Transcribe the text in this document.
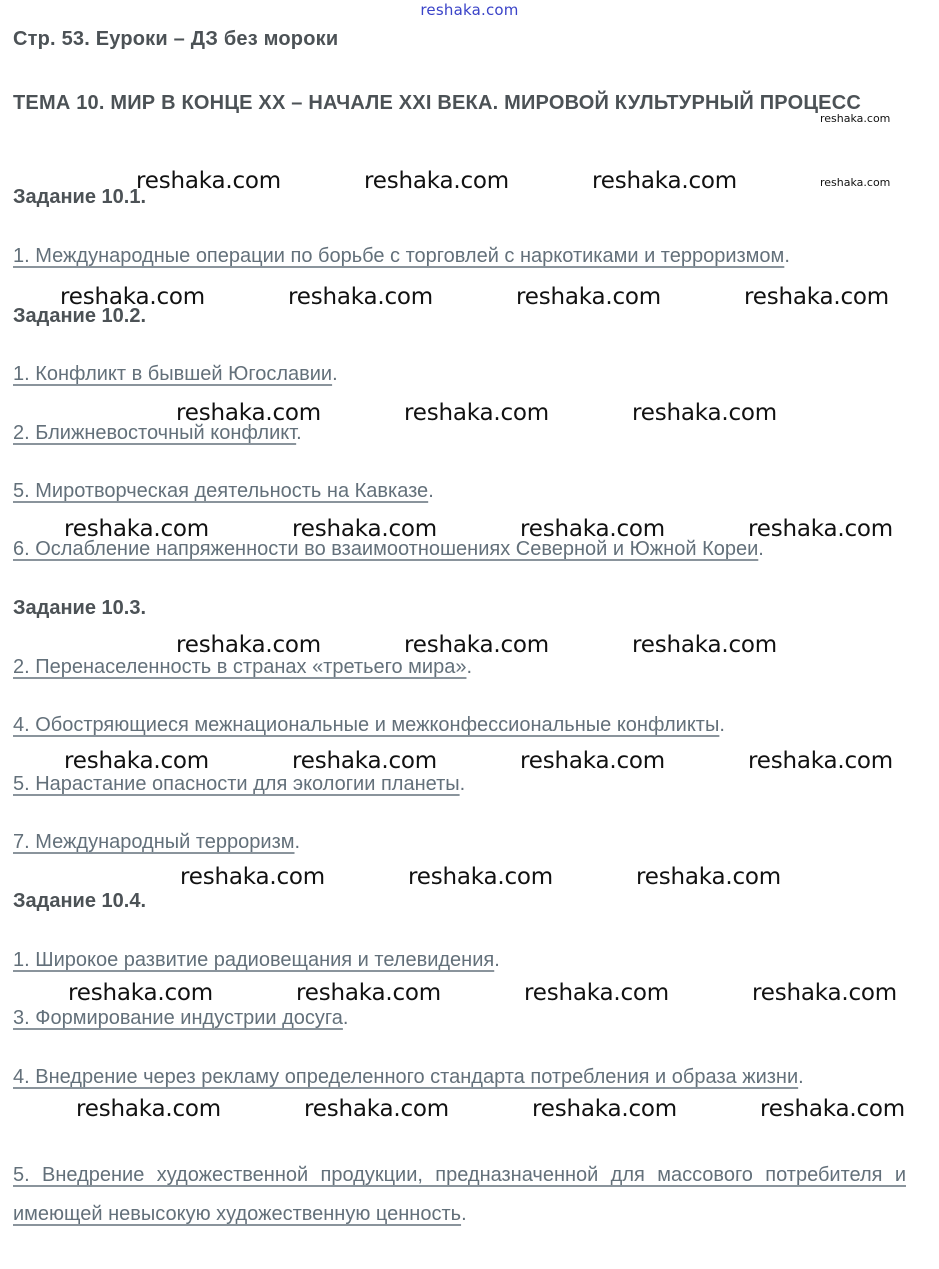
reshaka.com
Стр. 53. Еуроки – ДЗ без мороки
ТЕМА 10. МИР В КОНЦЕ XX – НАЧАЛЕ XXI ВЕКА. МИРОВОЙ КУЛЬТУРНЫЙ ПРОЦЕСС
Задание 10.1.
1. Международные операции по борьбе с торговлей с наркотиками и терроризмом.
Задание 10.2.
1. Конфликт в бывшей Югославии.
2. Ближневосточный конфликт.
5. Миротворческая деятельность на Кавказе.
6. Ослабление напряженности во взаимоотношениях Северной и Южной Кореи.
Задание 10.3.
2. Перенаселенность в странах «третьего мира».
4. Обостряющиеся межнациональные и межконфессиональные конфликты.
5. Нарастание опасности для экологии планеты.
7. Международный терроризм.
Задание 10.4.
1. Широкое развитие радиовещания и телевидения.
3. Формирование индустрии досуга.
4. Внедрение через рекламу определенного стандарта потребления и образа жизни.
5. Внедрение художественной продукции, предназначенной для массового потребителя и имеющей невысокую художественную ценность.
reshaka.com
reshaka.com
reshaka.com	reshaka.com	reshaka.com
reshaka.com	reshaka.com	reshaka.com	reshaka.com
reshaka.com	reshaka.com	reshaka.com
reshaka.com	reshaka.com	reshaka.com	reshaka.com
reshaka.com	reshaka.com	reshaka.com
reshaka.com	reshaka.com	reshaka.com	reshaka.com
reshaka.com	reshaka.com	reshaka.com
reshaka.com	reshaka.com	reshaka.com	reshaka.com
reshaka.com	reshaka.com	reshaka.com	reshaka.com
